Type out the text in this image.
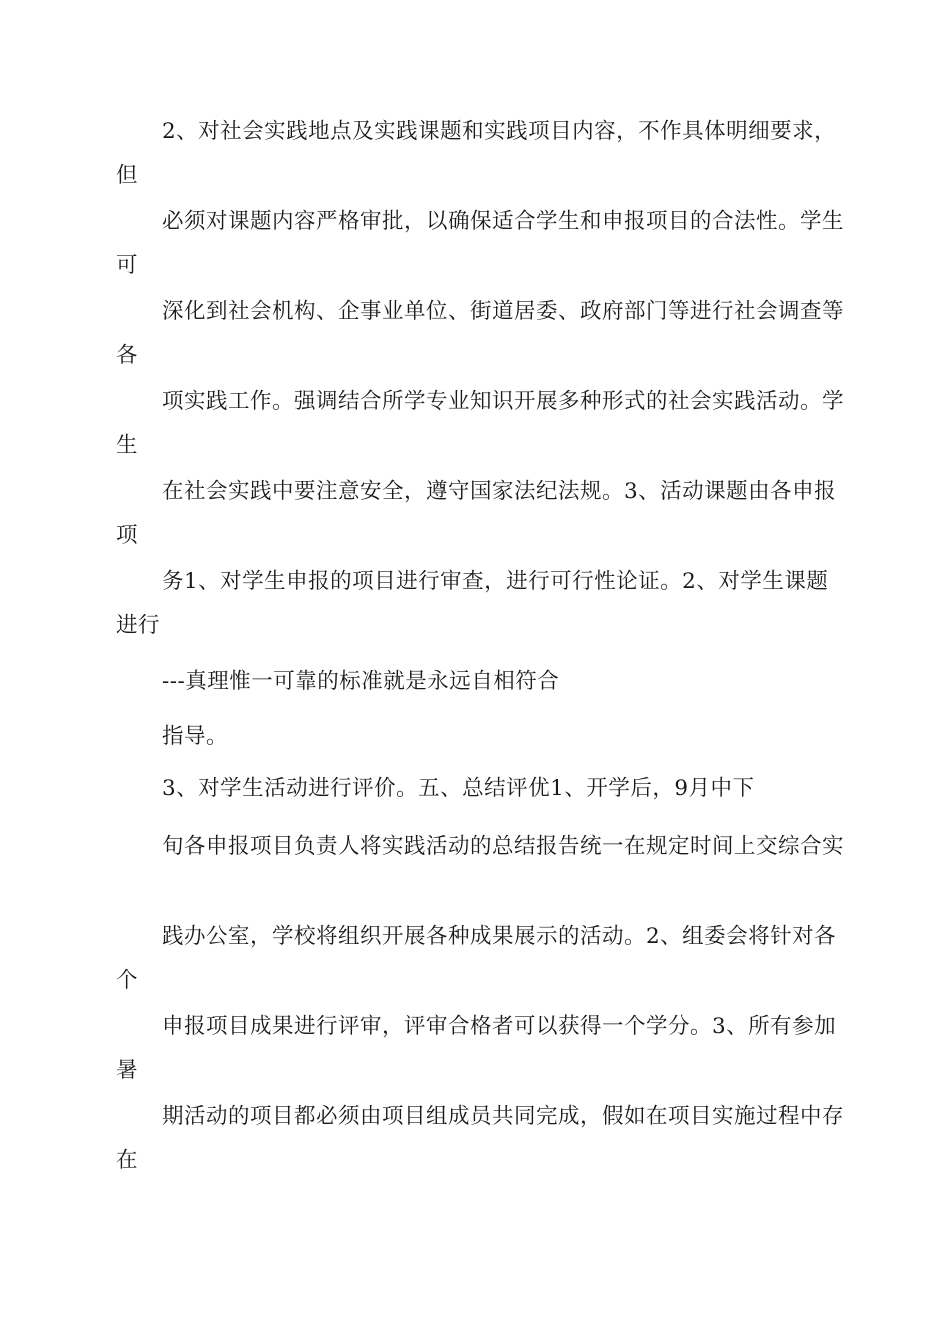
2、对社会实践地点及实践课题和实践项目内容，不作具体明细要求，但

必须对课题内容严格审批，以确保适合学生和申报项目的合法性。学生可

深化到社会机构、企事业单位、街道居委、政府部门等进行社会调查等各

项实践工作。强调结合所学专业知识开展多种形式的社会实践活动。学生

在社会实践中要注意安全，遵守国家法纪法规。3、活动课题由各申报项

务1、对学生申报的项目进行审查，进行可行性论证。2、对学生课题进行

---真理惟一可靠的标准就是永远自相符合

指导。

3、对学生活动进行评价。五、总结评优1、开学后，9月中下

旬各申报项目负责人将实践活动的总结报告统一在规定时间上交综合实

践办公室，学校将组织开展各种成果展示的活动。2、组委会将针对各个

申报项目成果进行评审，评审合格者可以获得一个学分。3、所有参加暑

期活动的项目都必须由项目组成员共同完成，假如在项目实施过程中存在
